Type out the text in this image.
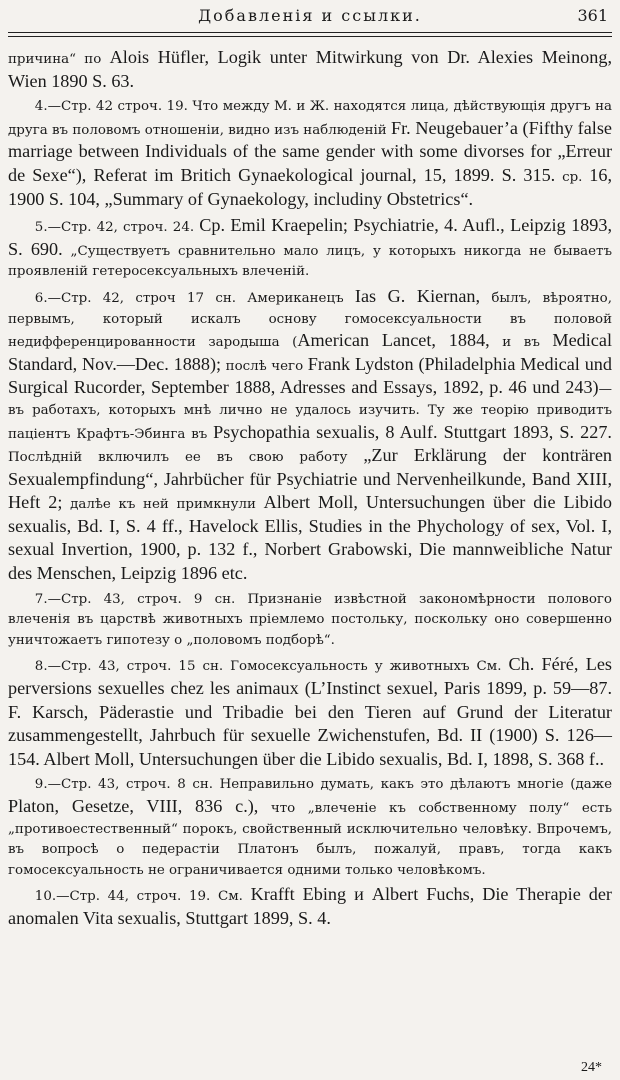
Добавленія и ссылки.	361

причина“ по Alois Hüfler, Logik unter Mitwirkung von Dr. Alexies Meinong, Wien 1890 S. 63.

4.—Стр. 42 строч. 19. Что между М. и Ж. находятся лица, дѣйствующія другъ на друга въ половомъ отношеніи, видно изъ наблюденій Fr. Neugebauer’a (Fifthy false marriage between Individuals of the same gender with some divorses for „Erreur de Sexe“), Referat im Britich Gynaekological journal, 15, 1899. S. 315. ср. 16, 1900 S. 104, „Summary of Gynaekology, includiny Obstetrics“.

5.—Стр. 42, строч. 24. Ср. Emil Kraepelin; Psychiatrie, 4. Aufl., Leipzig 1893, S. 690. „Существуетъ сравнительно мало лицъ, у которыхъ никогда не бываетъ проявленій гетеросексуальныхъ влеченій.

6.—Стр. 42, строч 17 сн. Американецъ Ias G. Kiernan, былъ, вѣроятно, первымъ, который искалъ основу гомосексуальности въ половой недифференцированности зародыша (American Lancet, 1884, и въ Medical Standard, Nov.—Dec. 1888); послѣ чего Frank Lydston (Philadelphia Medical und Surgical Rucorder, September 1888, Adresses and Essays, 1892, p. 46 und 243)—въ работахъ, которыхъ мнѣ лично не удалось изучить. Ту же теорію приводитъ паціентъ Крафтъ-Эбинга въ Psychopathia sexualis, 8 Aulf. Stuttgart 1893, S. 227. Послѣдній включилъ ее въ свою работу „Zur Erklärung der konträren Sexualempfindung“, Jahrbücher für Psychiatrie und Nervenheilkunde, Band XIII, Heft 2; далѣе къ ней примкнули Albert Moll, Untersuchungen über die Libido sexualis, Bd. I, S. 4 ff., Havelock Ellis, Studies in the Phychology of sex, Vol. I, sexual Invertion, 1900, p. 132 f., Norbert Grabowski, Die mannweibliche Natur des Menschen, Leipzig 1896 etc.

7.—Стр. 43, строч. 9 сн. Признаніе извѣстной закономѣрности полового влеченія въ царствѣ животныхъ пріемлемо постольку, поскольку оно совершенно уничтожаетъ гипотезу о „половомъ подборѣ“.

8.—Стр. 43, строч. 15 сн. Гомосексуальность у животныхъ См. Ch. Féré, Les perversions sexuelles chez les animaux (L’Instinct sexuel, Paris 1899, p. 59—87. F. Karsch, Päderastie und Tribadie bei den Tieren auf Grund der Literatur zusammengestellt, Jahrbuch für sexuelle Zwichenstufen, Bd. II (1900) S. 126—154. Albert Moll, Untersuchungen über die Libido sexualis, Bd. I, 1898, S. 368 f..

9.—Стр. 43, строч. 8 сн. Неправильно думать, какъ это дѣлаютъ многіе (даже Platon, Gesetze, VIII, 836 c.), что „влеченіе къ собственному полу“ есть „противоестественный“ порокъ, свойственный исключительно человѣку. Впрочемъ, въ вопросѣ о педерастіи Платонъ былъ, пожалуй, правъ, тогда какъ гомосексуальность не ограничивается одними только человѣкомъ.

10.—Стр. 44, строч. 19. См. Krafft Ebing и Albert Fuchs, Die Therapie der anomalen Vita sexualis, Stuttgart 1899, S. 4.

24*
